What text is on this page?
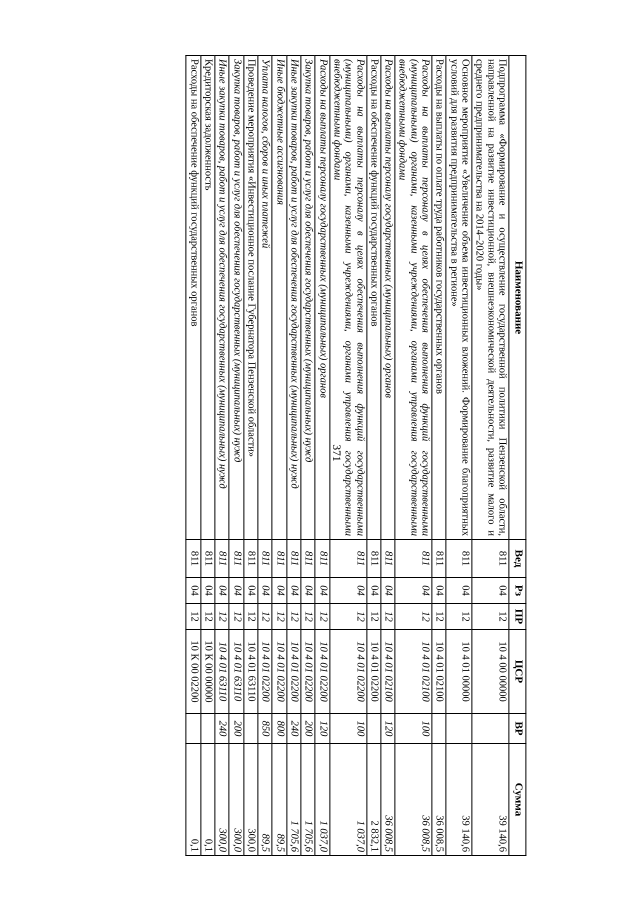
371
Наименование	Вед	Рз	ПР	ЦСР	ВР	Сумма
Подпрограмма «Формирование и осуществление государственной политики Пензенской области, направленной на развитие инвестиционной, внешнеэкономической деятельности, развитие малого и среднего предпринимательства на 2014–2020 годы»	811	04	12	10 4 00 00000		39 140,6
Основное мероприятие «Увеличение объема инвестиционных вложений. Формирование благоприятных условий для развития предпринимательства в регионе»	811	04	12	10 4 01 00000		39 140,6
Расходы на выплаты по оплате труда работников государственных органов	811	04	12	10 4 01 02100		36 008,5
Расходы на выплаты персоналу в целях обеспечения выполнения функций государственными (муниципальными) органами, казенными учреждениями, органами управления государственными внебюджетными фондами	811	04	12	10 4 01 02100	100	36 008,5
Расходы на выплаты персоналу государственных (муниципальных) органов	811	04	12	10 4 01 02100	120	36 008,5
Расходы на обеспечение функций государственных органов	811	04	12	10 4 01 02200		2 832,1
Расходы на выплаты персоналу в целях обеспечения выполнения функций государственными (муниципальными) органами, казенными учреждениями, органами управления государственными внебюджетными фондами	811	04	12	10 4 01 02200	100	1 037,0
Расходы на выплаты персоналу государственных (муниципальных) органов	811	04	12	10 4 01 02200	120	1 037,0
Закупка товаров, работ и услуг для обеспечения государственных (муниципальных) нужд	811	04	12	10 4 01 02200	200	1 705,6
Иные закупки товаров, работ и услуг для обеспечения государственных (муниципальных) нужд	811	04	12	10 4 01 02200	240	1 705,6
Иные бюджетные ассигнования	811	04	12	10 4 01 02200	800	89,5
Уплата налогов, сборов и иных платежей	811	04	12	10 4 01 02200	850	89,5
Проведение мероприятия «Инвестиционное послание Губернатора Пензенской области»	811	04	12	10 4 01 63110		300,0
Закупка товаров, работ и услуг для обеспечения государственных (муниципальных) нужд	811	04	12	10 4 01 63110	200	300,0
Иные закупки товаров, работ и услуг для обеспечения государственных (муниципальных) нужд	811	04	12	10 4 01 63110	240	300,0
Кредиторская задолженность	811	04	12	10 К 00 00000		0,1
Расходы на обеспечение функций государственных органов	811	04	12	10 К 00 02200		0,1
